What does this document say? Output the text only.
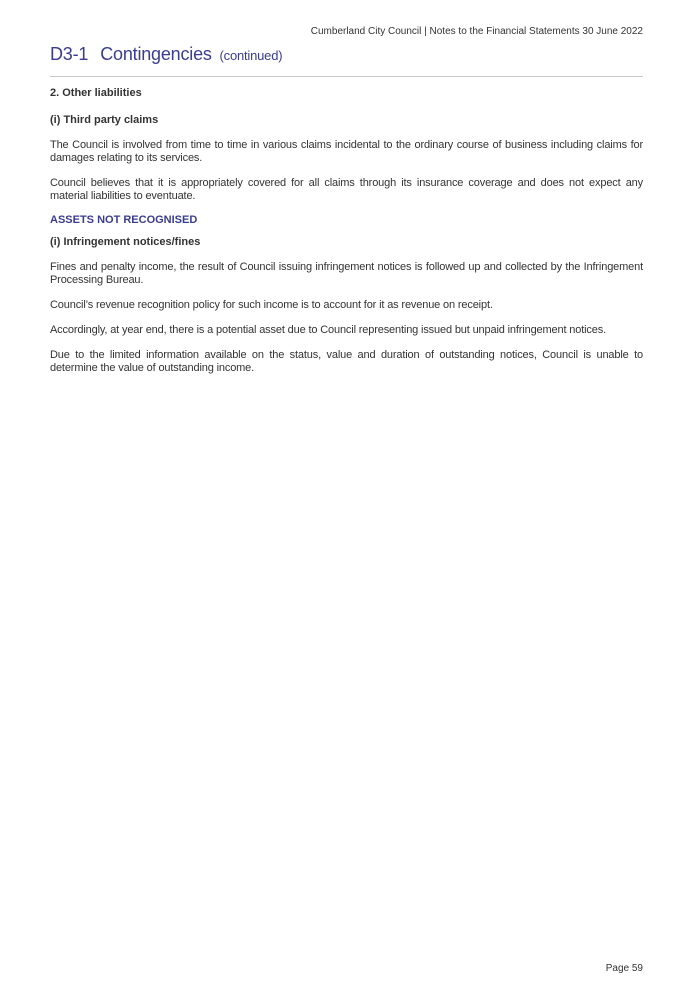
Cumberland City Council | Notes to the Financial Statements 30 June 2022
D3-1 Contingencies (continued)

2. Other liabilities

(i) Third party claims

The Council is involved from time to time in various claims incidental to the ordinary course of business including claims for damages relating to its services.

Council believes that it is appropriately covered for all claims through its insurance coverage and does not expect any material liabilities to eventuate.

ASSETS NOT RECOGNISED

(i) Infringement notices/fines

Fines and penalty income, the result of Council issuing infringement notices is followed up and collected by the Infringement Processing Bureau.

Council’s revenue recognition policy for such income is to account for it as revenue on receipt.

Accordingly, at year end, there is a potential asset due to Council representing issued but unpaid infringement notices.

Due to the limited information available on the status, value and duration of outstanding notices, Council is unable to determine the value of outstanding income.

Page 59
